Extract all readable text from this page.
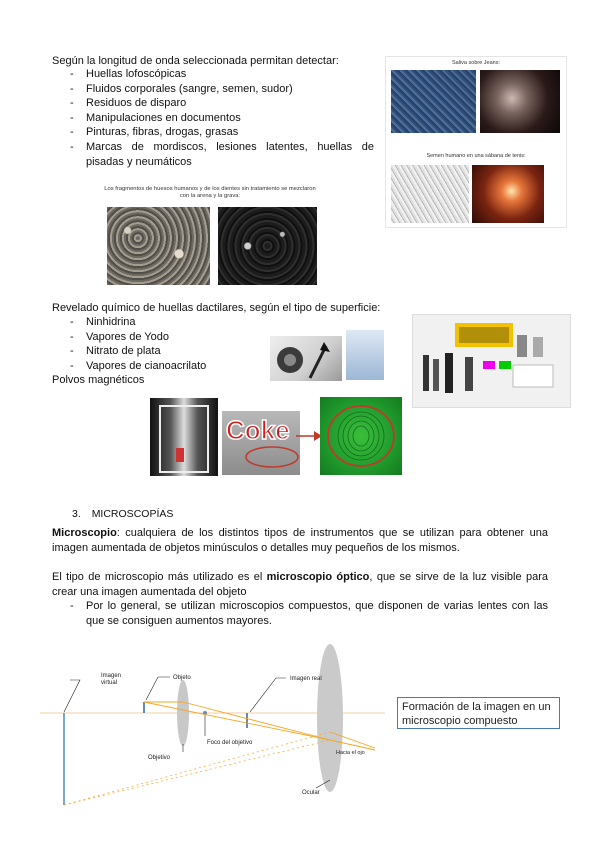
Según la longitud de onda seleccionada permitan detectar:

- Huellas lofoscópicas
- Fluidos corporales (sangre, semen, sudor)
- Residuos de disparo
- Manipulaciones en documentos
- Pinturas, fibras, drogas, grasas
- Marcas de mordiscos, lesiones latentes, huellas de pisadas y neumáticos
Saliva sobre Jeans:
Semen humano en una sábana de tenis:
Los fragmentos de huesos humanos y de los dientes sin tratamiento se mezclaron con la arena y la grava:

Revelado químico de huellas dactilares, según el tipo de superficie:

- Ninhidrina
- Vapores de Yodo
- Nitrato de plata
- Vapores de cianoacrilato

Polvos magnéticos

Coke
3. MICROSCOPÍAS

Microscopio: cualquiera de los distintos tipos de instrumentos que se utilizan para obtener una imagen aumentada de objetos minúsculos o detalles muy pequeños de los mismos.

El tipo de microscopio más utilizado es el microscopio óptico, que se sirve de la luz visible para crear una imagen aumentada del objeto

- Por lo general, se utilizan microscopios compuestos, que disponen de varias lentes con las que se consiguen aumentos mayores.
Imagen virtual
Objeto	Imagen real
Objetivo
Foco del objetivo
Hacia el ojo
Ocular
Formación de la imagen en un microscopio compuesto
